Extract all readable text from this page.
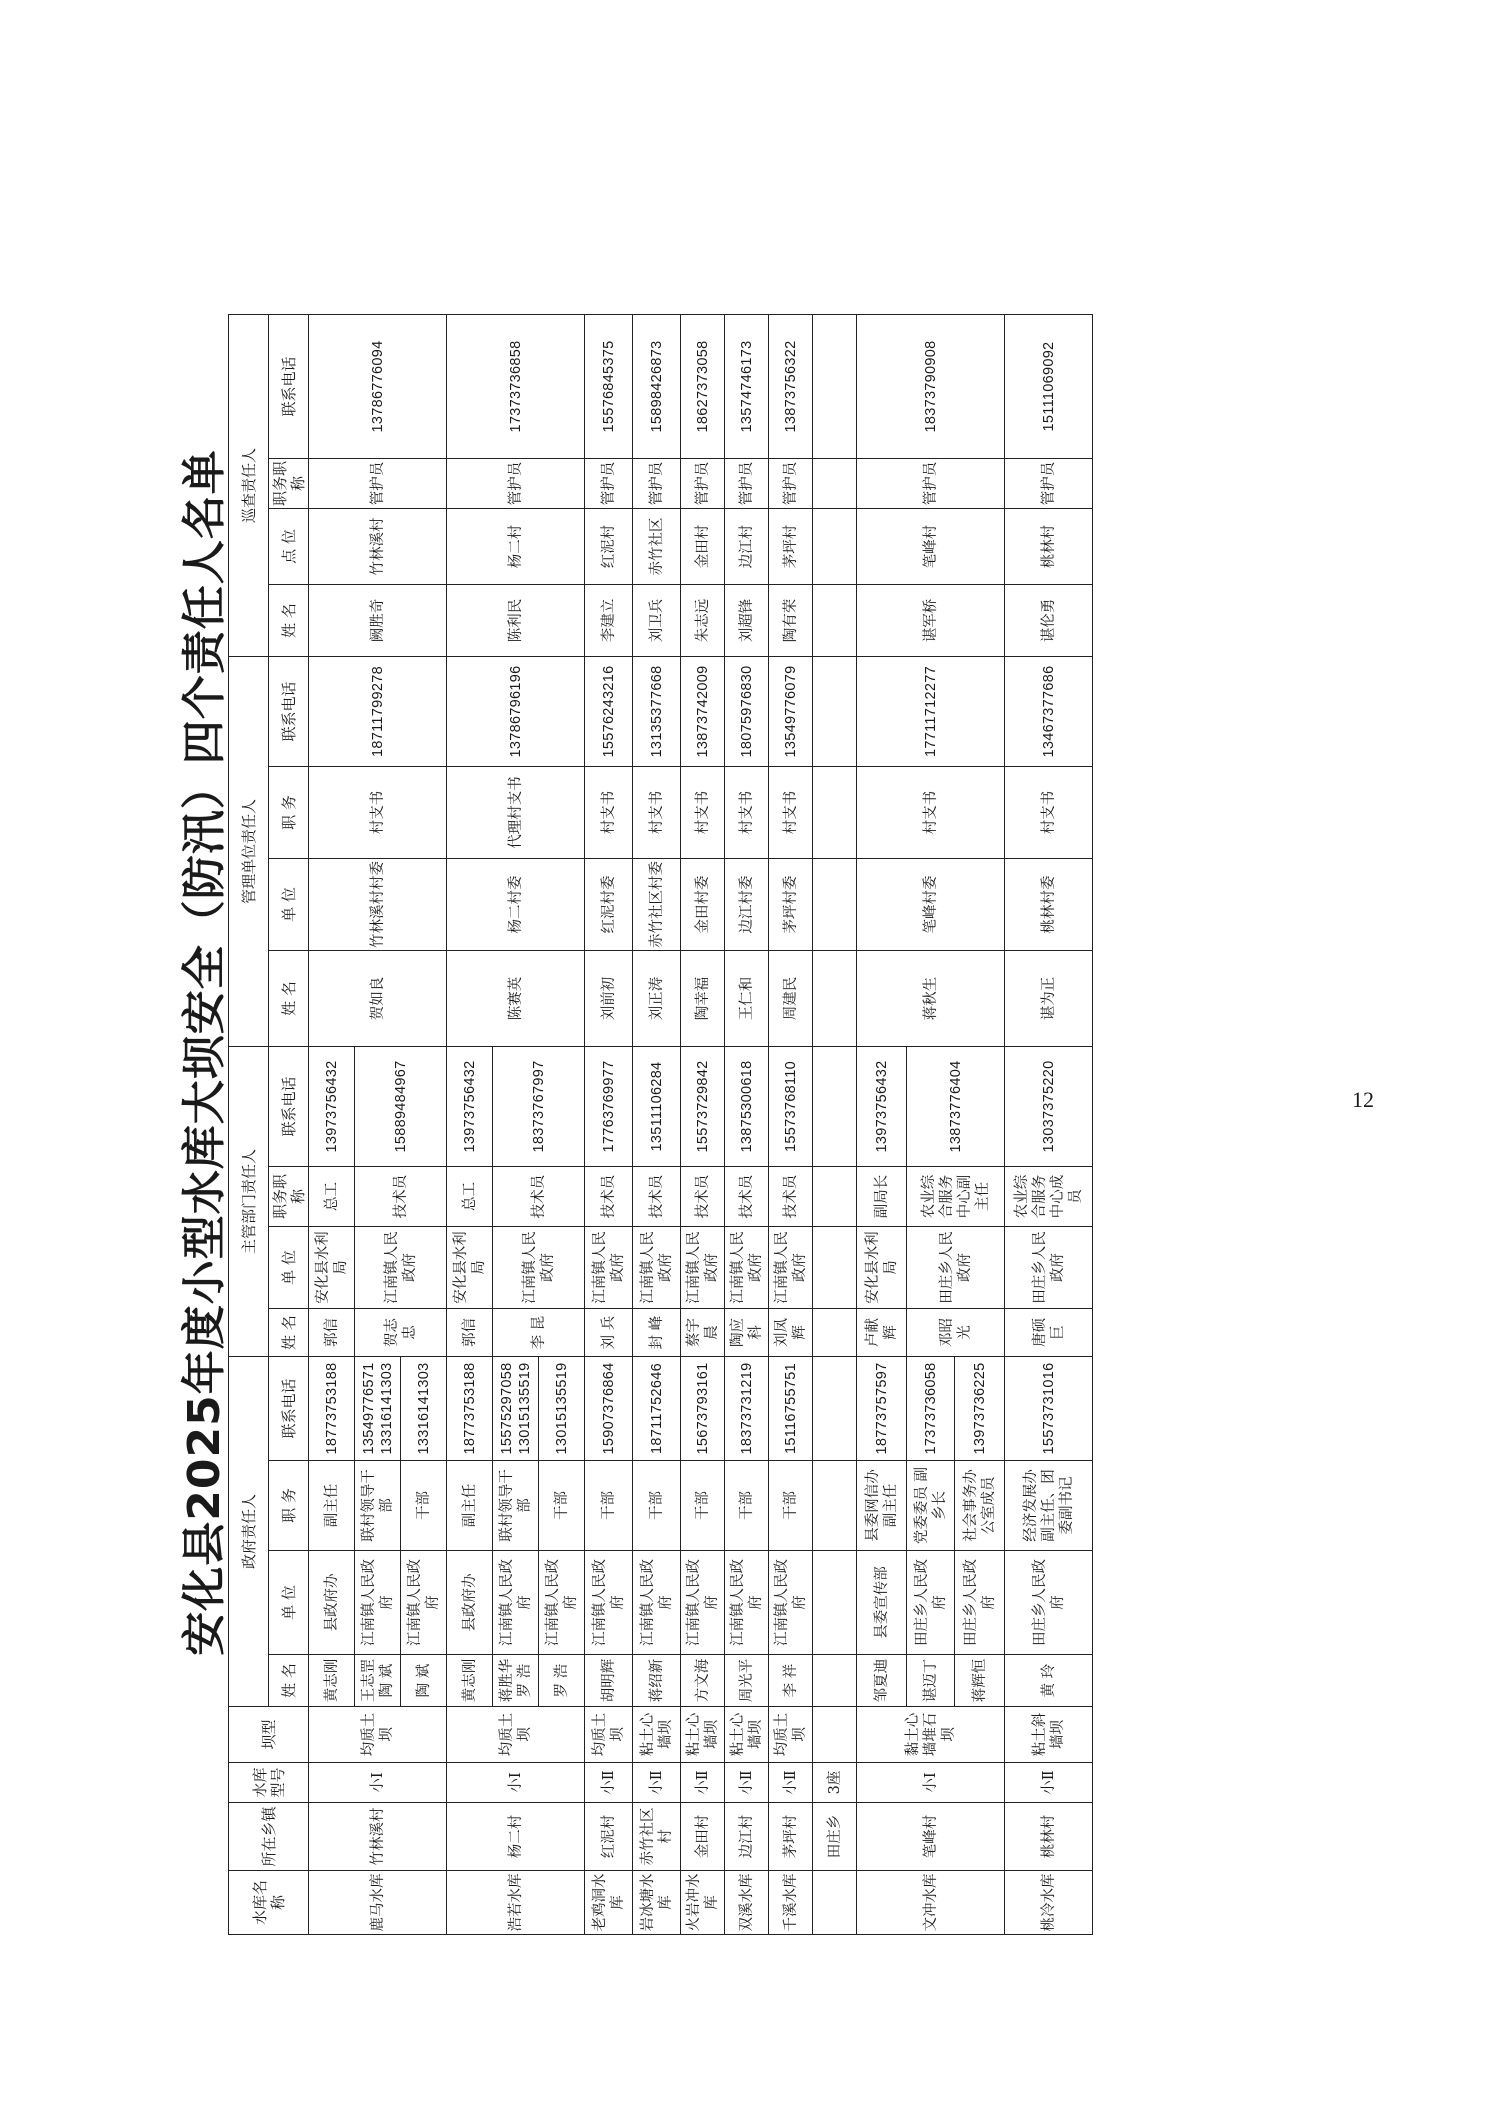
12
安化县2025年度小型水库大坝安全（防汛）四个责任人名单
水库名称	所在乡镇	水库型号	坝型	政府责任人				主管部门责任人				管理单位责任人				巡查责任人			
				姓 名	单 位	职 务	联系电话	姓 名	单 位	职务职称	联系电话	姓 名	单 位	职 务	联系电话	姓 名	点 位	职务职称	联系电话
鹿马水库	竹林溪村	小Ⅰ	均质土坝	黄志刚	县政府办	副主任	18773753188	郭信	安化县水利局	总工	13973756432	贺如良	竹林溪村村委	村支书	18711799278	阙胜奇	竹林溪村	管护员	13786776094
				王志罡 陶 斌	江南镇人民政府	联村领导干部	13549776571 13316141303	贺志忠	江南镇人民政府	技术员	15889484967								
				陶 斌	江南镇人民政府	干部	13316141303												
浩若水库	杨二村	小Ⅰ	均质土坝	黄志刚	县政府办	副主任	18773753188	郭信	安化县水利局	总工	13973756432	陈赛英	杨二村委	代理村支书	13786796196	陈利民	杨二村	管护员	17373736858
				蒋胜华 罗 浩	江南镇人民政府	联村领导干部	15575297058 13015135519	李 昆	江南镇人民政府	技术员	18373767997								
				罗 浩	江南镇人民政府	干部	13015135519												
老鸡洞水库	红泥村	小Ⅱ	均质土坝	胡明辉	江南镇人民政府	干部	15907376864	刘 兵	江南镇人民政府	技术员	17763769977	刘前初	红泥村委	村支书	15576243216	李建立	红泥村	管护员	15576845375
岩冰塘水库	赤竹社区村	小Ⅱ	粘土心墙坝	蒋绍新	江南镇人民政府	干部	18711752646	封 峰	江南镇人民政府	技术员	13511106284	刘正涛	赤竹社区村委	村支书	13135377668	刘卫兵	赤竹社区	管护员	15898426873
火岩冲水库	金田村	小Ⅱ	粘土心墙坝	方文海	江南镇人民政府	干部	15673793161	蔡宇晨	江南镇人民政府	技术员	15573729842	陶幸福	金田村委	村支书	13873742009	朱志远	金田村	管护员	18627373058
双溪水库	边江村	小Ⅱ	粘土心墙坝	周光平	江南镇人民政府	干部	18373731219	陶应科	江南镇人民政府	技术员	13875300618	王仁和	边江村委	村支书	18075976830	刘超锋	边江村	管护员	13574746173
千溪水库	茅坪村	小Ⅱ	均质土坝	李 祥	江南镇人民政府	干部	15116755751	刘凤辉	江南镇人民政府	技术员	15573768110	周建民	茅坪村委	村支书	13549776079	陶有荣	茅坪村	管护员	13873756322
	田庄乡	3座																	
文冲水库	笔峰村	小Ⅰ	黏土心墙堆石坝	邹夏迪	县委宣传部	县委网信办副主任	18773757597	卢献辉	安化县水利局	副局长	13973756432	蒋秋生	笔峰村委	村支书	17711712277	谌军桥	笔峰村	管护员	18373790908
				谌迈丁	田庄乡人民政府	党委委员 副乡长	17373736058	邓昭光	田庄乡人民政府	农业综合服务中心副主任	13873776404								
				蒋辉恒	田庄乡人民政府	社会事务办公室成员	13973736225												
桃冷水库	桃林村	小Ⅱ	粘土斜墙坝	黄 玲	田庄乡人民政府	经济发展办副主任、团委副书记	15573731016	唐硕巨	田庄乡人民政府	农业综合服务中心成员	13037375220	谌为正	桃林村委	村支书	13467377686	谌伦勇	桃林村	管护员	15111069092
